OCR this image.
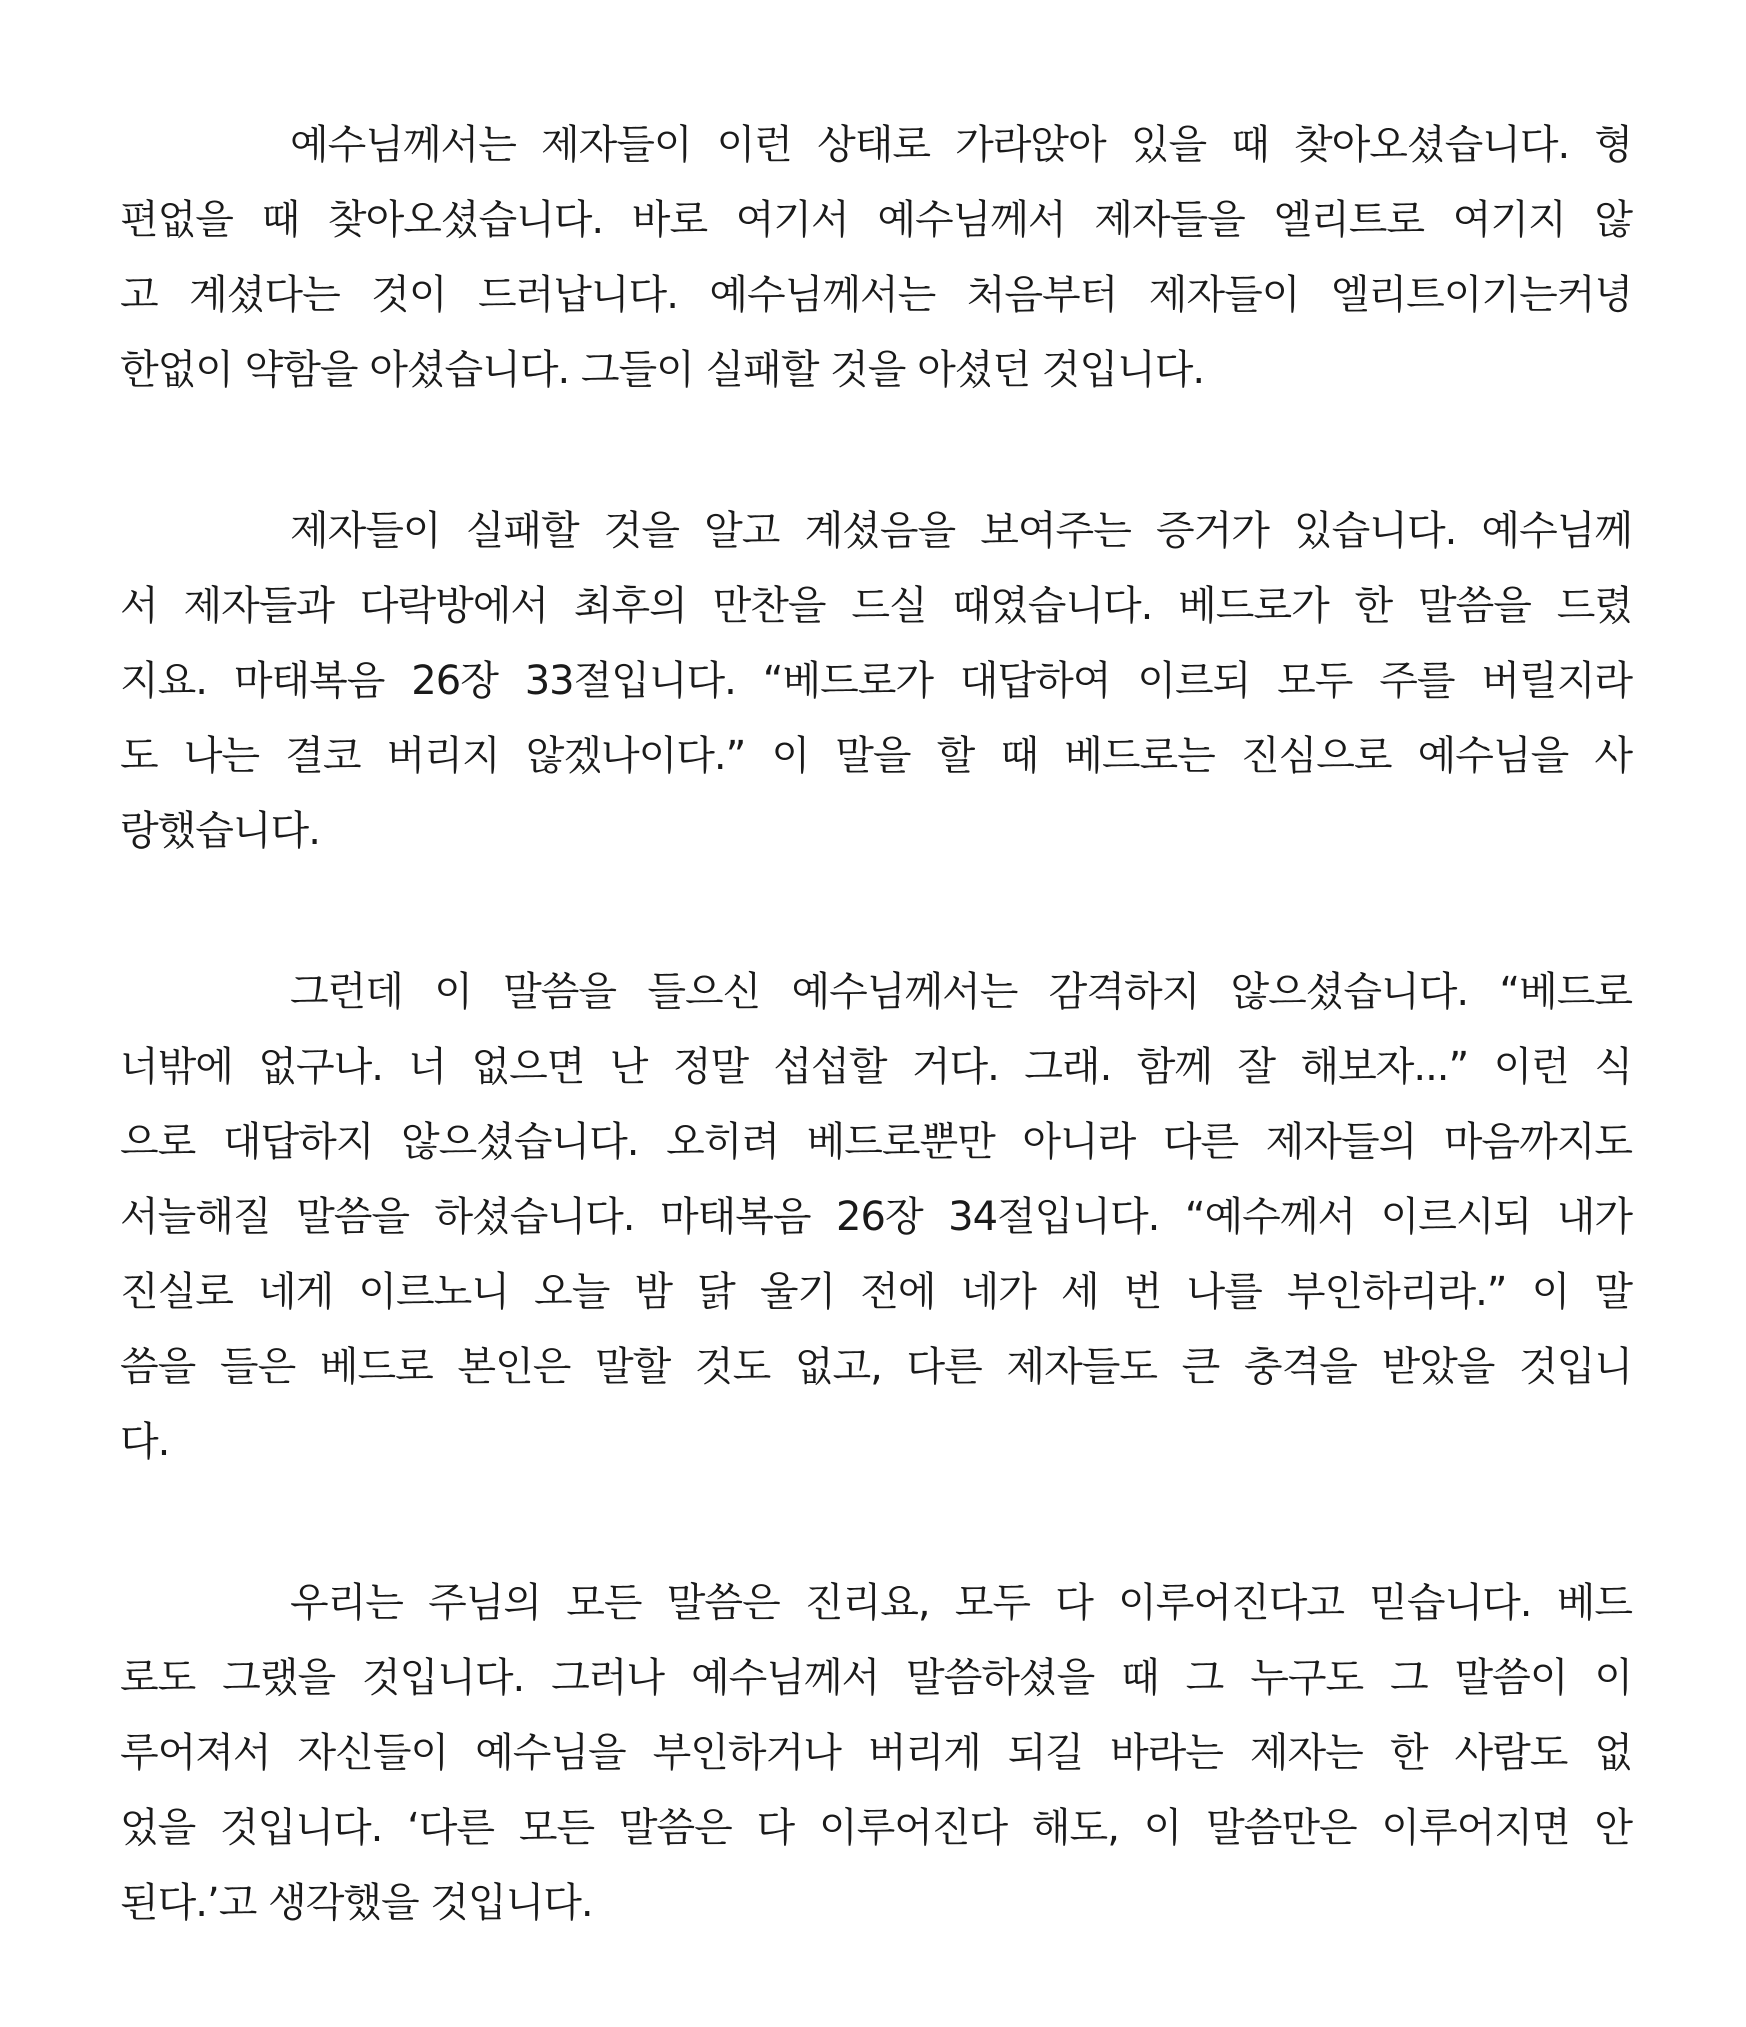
예수님께서는 제자들이 이런 상태로 가라앉아 있을 때 찾아오셨습니다. 형
편없을 때 찾아오셨습니다. 바로 여기서 예수님께서 제자들을 엘리트로 여기지 않
고 계셨다는 것이 드러납니다. 예수님께서는 처음부터 제자들이 엘리트이기는커녕
한없이 약함을 아셨습니다. 그들이 실패할 것을 아셨던 것입니다.
제자들이 실패할 것을 알고 계셨음을 보여주는 증거가 있습니다. 예수님께
서 제자들과 다락방에서 최후의 만찬을 드실 때였습니다. 베드로가 한 말씀을 드렸
지요. 마태복음 26장 33절입니다. “베드로가 대답하여 이르되 모두 주를 버릴지라
도 나는 결코 버리지 않겠나이다.” 이 말을 할 때 베드로는 진심으로 예수님을 사
랑했습니다.
그런데 이 말씀을 들으신 예수님께서는 감격하지 않으셨습니다. “베드로
너밖에 없구나. 너 없으면 난 정말 섭섭할 거다. 그래. 함께 잘 해보자...” 이런 식
으로 대답하지 않으셨습니다. 오히려 베드로뿐만 아니라 다른 제자들의 마음까지도
서늘해질 말씀을 하셨습니다. 마태복음 26장 34절입니다. “예수께서 이르시되 내가
진실로 네게 이르노니 오늘 밤 닭 울기 전에 네가 세 번 나를 부인하리라.” 이 말
씀을 들은 베드로 본인은 말할 것도 없고, 다른 제자들도 큰 충격을 받았을 것입니
다.
우리는 주님의 모든 말씀은 진리요, 모두 다 이루어진다고 믿습니다. 베드
로도 그랬을 것입니다. 그러나 예수님께서 말씀하셨을 때 그 누구도 그 말씀이 이
루어져서 자신들이 예수님을 부인하거나 버리게 되길 바라는 제자는 한 사람도 없
었을 것입니다. ‘다른 모든 말씀은 다 이루어진다 해도, 이 말씀만은 이루어지면 안
된다.’고 생각했을 것입니다.
